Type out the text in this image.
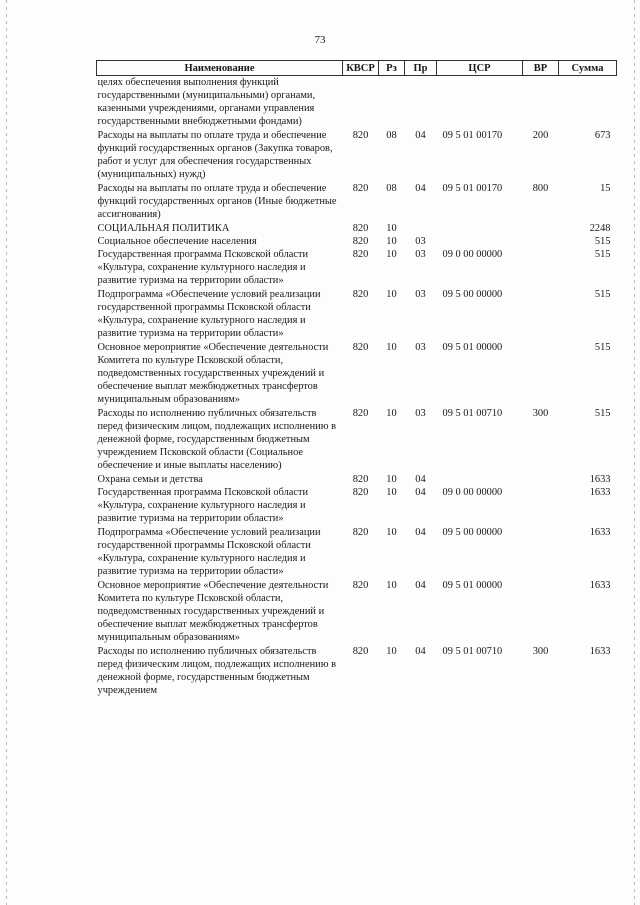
73
Наименование	КВСР	Рз	Пр	ЦСР	ВР	Сумма
целях обеспечения выполнения функций государственными (муниципальными) органами, казенными учреждениями, органами управления государственными внебюджетными фондами)						
Расходы на выплаты по оплате труда и обеспечение функций государственных органов (Закупка товаров, работ и услуг для обеспечения государственных (муниципальных) нужд)	820	08	04	09 5 01 00170	200	673
Расходы на выплаты по оплате труда и обеспечение функций государственных органов (Иные бюджетные ассигнования)	820	08	04	09 5 01 00170	800	15
СОЦИАЛЬНАЯ ПОЛИТИКА	820	10				2248
Социальное обеспечение населения	820	10	03			515
Государственная программа Псковской области «Культура, сохранение культурного наследия и развитие туризма на территории области»	820	10	03	09 0 00 00000		515
Подпрограмма «Обеспечение условий реализации государственной программы Псковской области «Культура, сохранение культурного наследия и развитие туризма на территории области»	820	10	03	09 5 00 00000		515
Основное мероприятие «Обеспечение деятельности Комитета по культуре Псковской области, подведомственных государственных учреждений и обеспечение выплат межбюджетных трансфертов муниципальным образованиям»	820	10	03	09 5 01 00000		515
Расходы по исполнению публичных обязательств перед физическим лицом, подлежащих исполнению в денежной форме, государственным бюджетным учреждением Псковской области (Социальное обеспечение и иные выплаты населению)	820	10	03	09 5 01 00710	300	515
Охрана семьи и детства	820	10	04			1633
Государственная программа Псковской области «Культура, сохранение культурного наследия и развитие туризма на территории области»	820	10	04	09 0 00 00000		1633
Подпрограмма «Обеспечение условий реализации государственной программы Псковской области «Культура, сохранение культурного наследия и развитие туризма на территории области»	820	10	04	09 5 00 00000		1633
Основное мероприятие «Обеспечение деятельности Комитета по культуре Псковской области, подведомственных государственных учреждений и обеспечение выплат межбюджетных трансфертов муниципальным образованиям»	820	10	04	09 5 01 00000		1633
Расходы по исполнению публичных обязательств перед физическим лицом, подлежащих исполнению в денежной форме, государственным бюджетным учреждением	820	10	04	09 5 01 00710	300	1633
